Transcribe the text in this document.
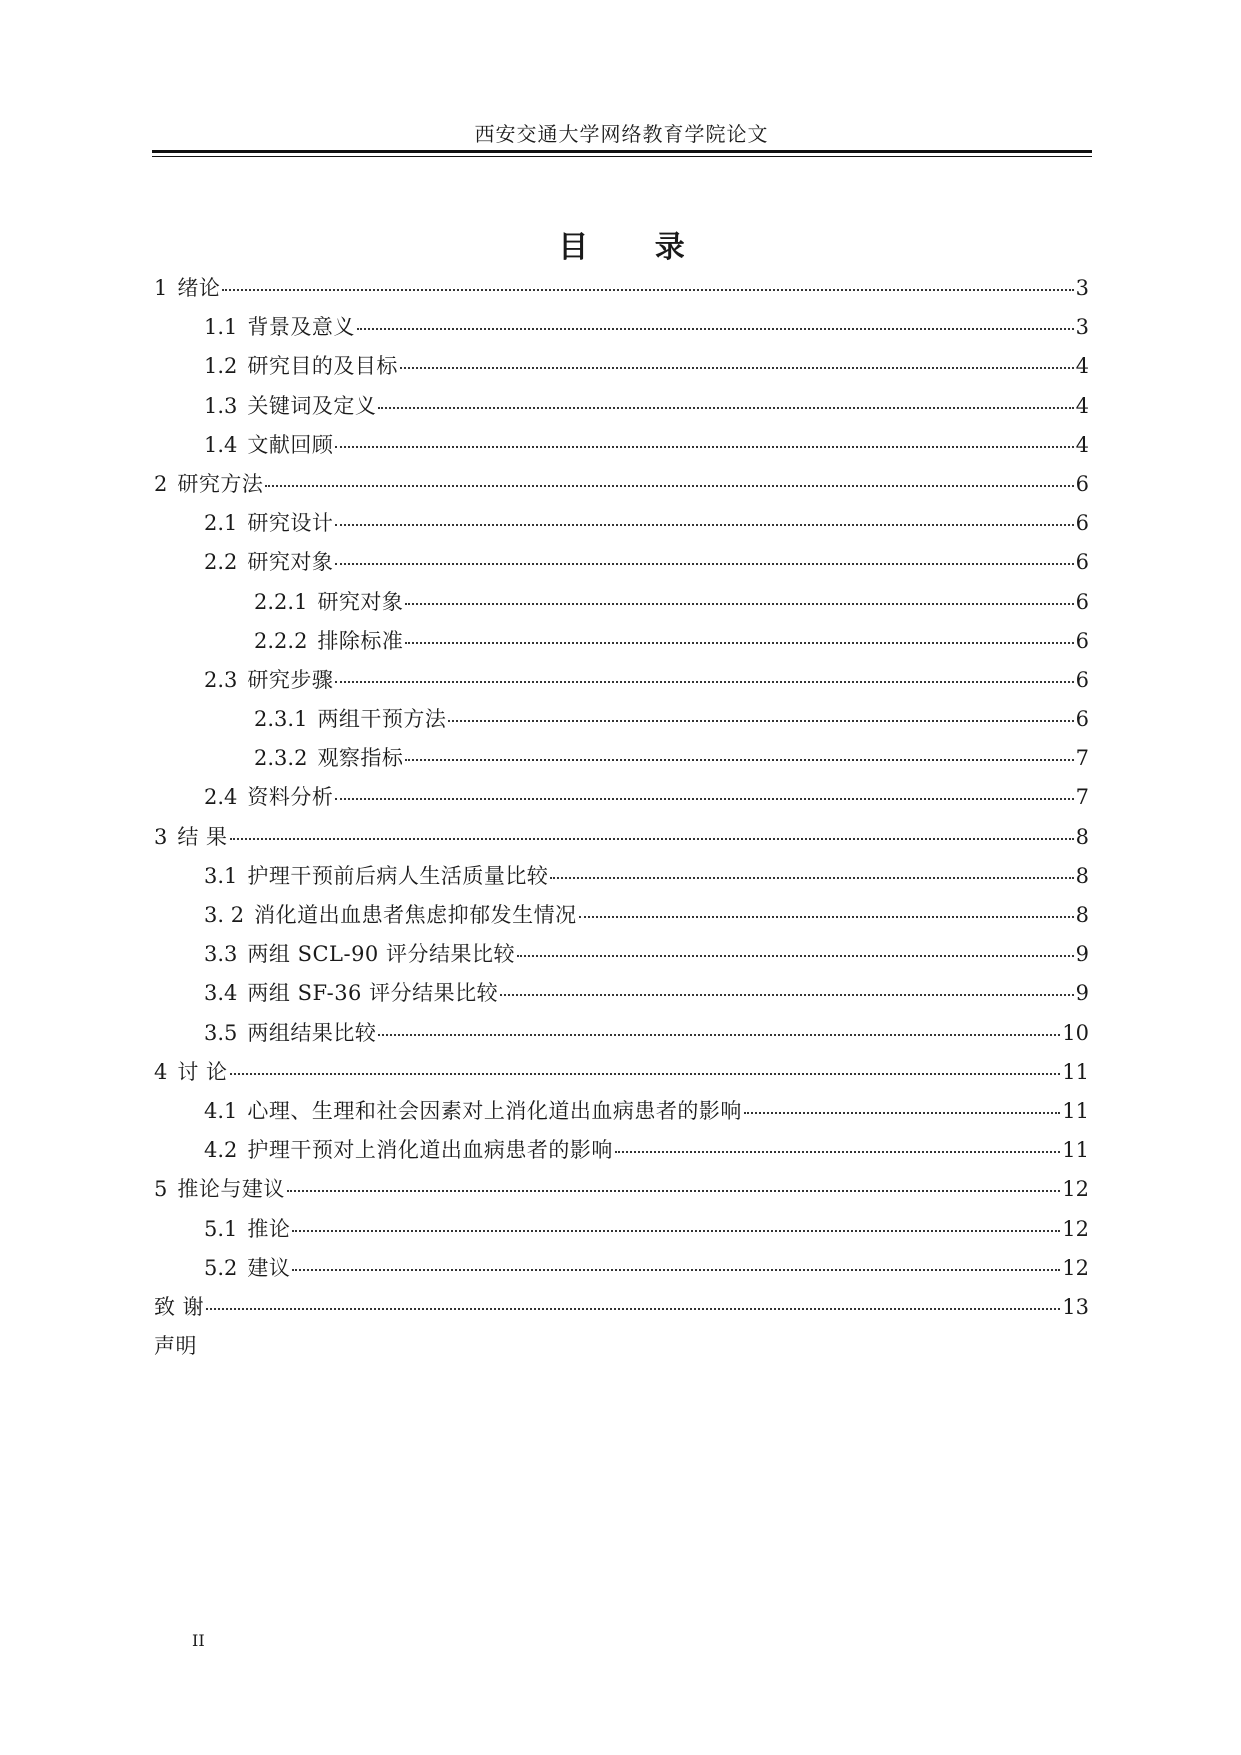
西安交通大学网络教育学院论文
目 录
1 绪论	3
1.1 背景及意义	3
1.2 研究目的及目标	4
1.3 关键词及定义	4
1.4 文献回顾	4
2 研究方法	6
2.1 研究设计	6
2.2 研究对象	6
2.2.1 研究对象	6
2.2.2 排除标准	6
2.3 研究步骤	6
2.3.1 两组干预方法	6
2.3.2 观察指标	7
2.4 资料分析	7
3 结 果	8
3.1 护理干预前后病人生活质量比较	8
3. 2 消化道出血患者焦虑抑郁发生情况	8
3.3 两组 SCL-90 评分结果比较	9
3.4 两组 SF-36 评分结果比较	9
3.5 两组结果比较	10
4 讨 论	11
4.1 心理、生理和社会因素对上消化道出血病患者的影响	11
4.2 护理干预对上消化道出血病患者的影响	11
5 推论与建议	12
5.1 推论	12
5.2 建议	12
致 谢	13
声明
II
